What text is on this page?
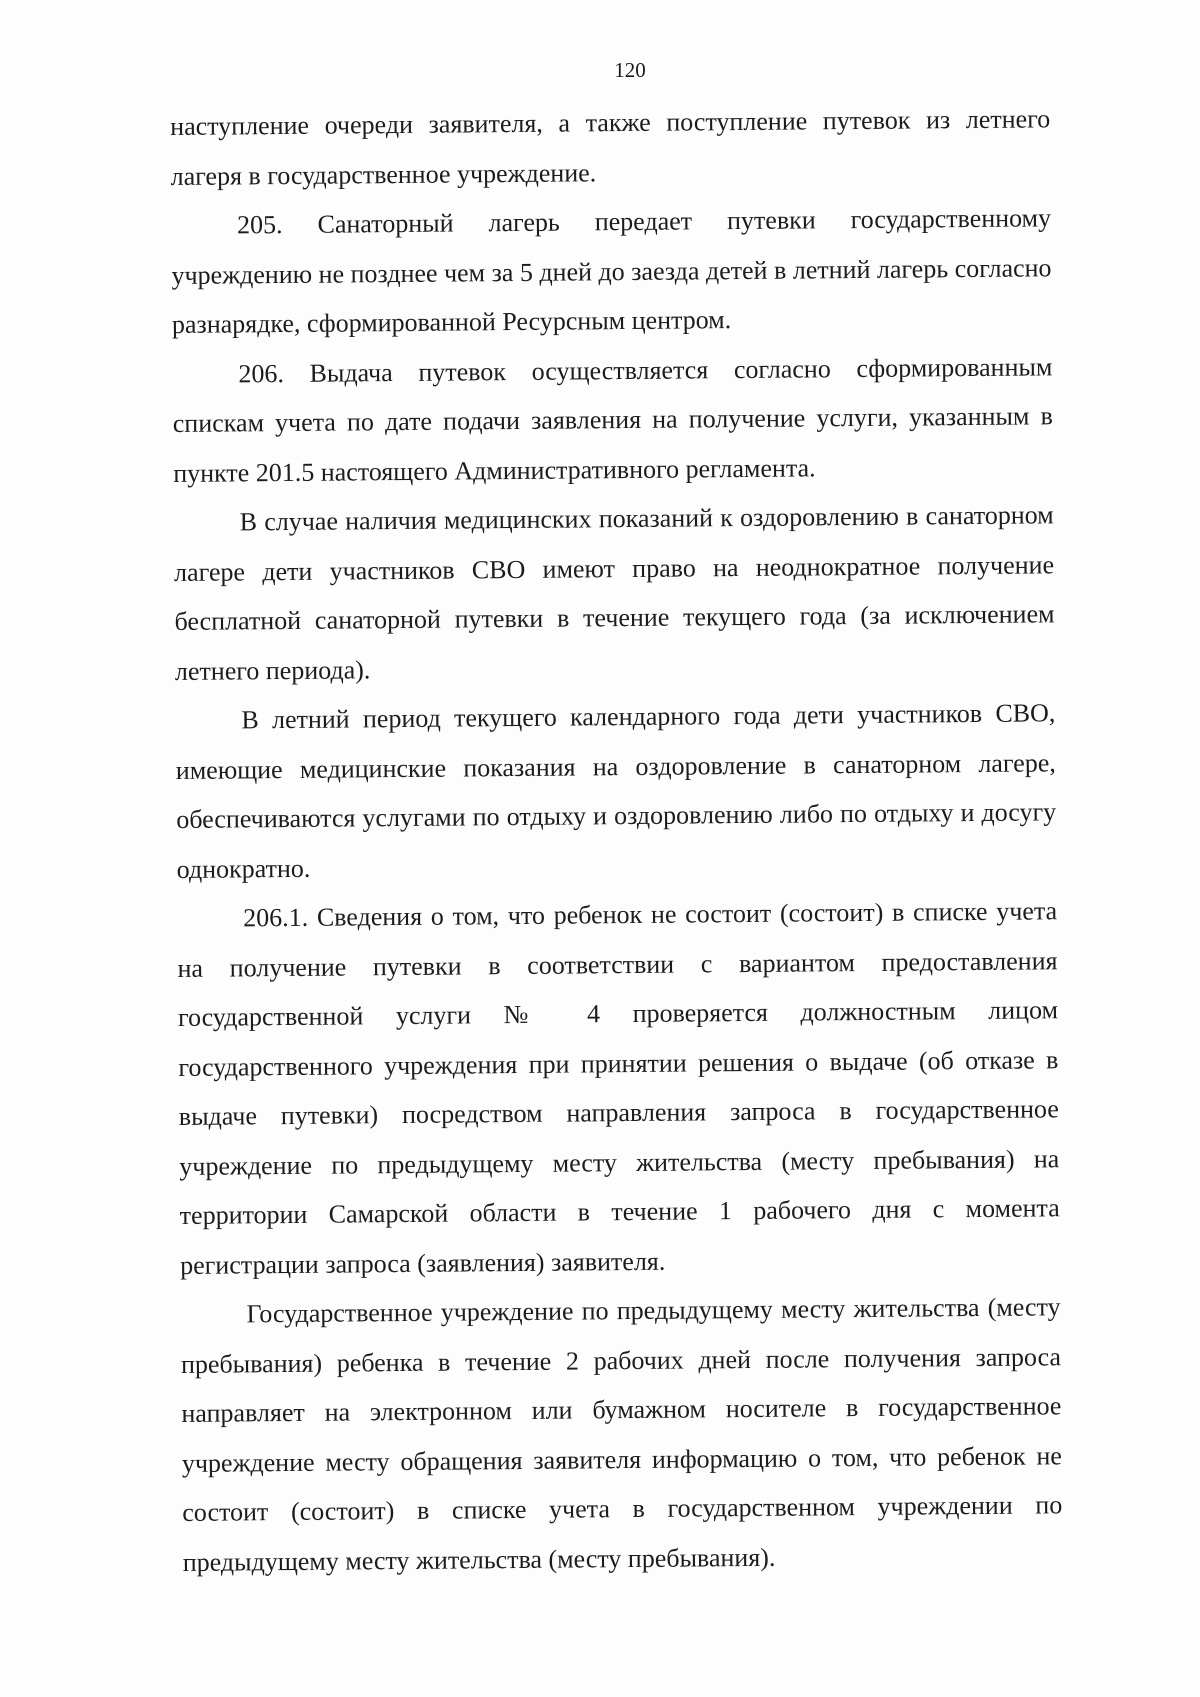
120

наступление очереди заявителя, а также поступление путевок из летнего лагеря в государственное учреждение.

205. Санаторный лагерь передает путевки государственному учреждению не позднее чем за 5 дней до заезда детей в летний лагерь согласно разнарядке, сформированной Ресурсным центром.

206. Выдача путевок осуществляется согласно сформированным спискам учета по дате подачи заявления на получение услуги, указанным в пункте 201.5 настоящего Административного регламента.

В случае наличия медицинских показаний к оздоровлению в санаторном лагере дети участников СВО имеют право на неоднократное получение бесплатной санаторной путевки в течение текущего года (за исключением летнего периода).

В летний период текущего календарного года дети участников СВО, имеющие медицинские показания на оздоровление в санаторном лагере, обеспечиваются услугами по отдыху и оздоровлению либо по отдыху и досугу однократно.

206.1. Сведения о том, что ребенок не состоит (состоит) в списке учета на получение путевки в соответствии с вариантом предоставления государственной услуги № 4 проверяется должностным лицом государственного учреждения при принятии решения о выдаче (об отказе в выдаче путевки) посредством направления запроса в государственное учреждение по предыдущему месту жительства (месту пребывания) на территории Самарской области в течение 1 рабочего дня с момента регистрации запроса (заявления) заявителя.

Государственное учреждение по предыдущему месту жительства (месту пребывания) ребенка в течение 2 рабочих дней после получения запроса направляет на электронном или бумажном носителе в государственное учреждение месту обращения заявителя информацию о том, что ребенок не состоит (состоит) в списке учета в государственном учреждении по предыдущему месту жительства (месту пребывания).
